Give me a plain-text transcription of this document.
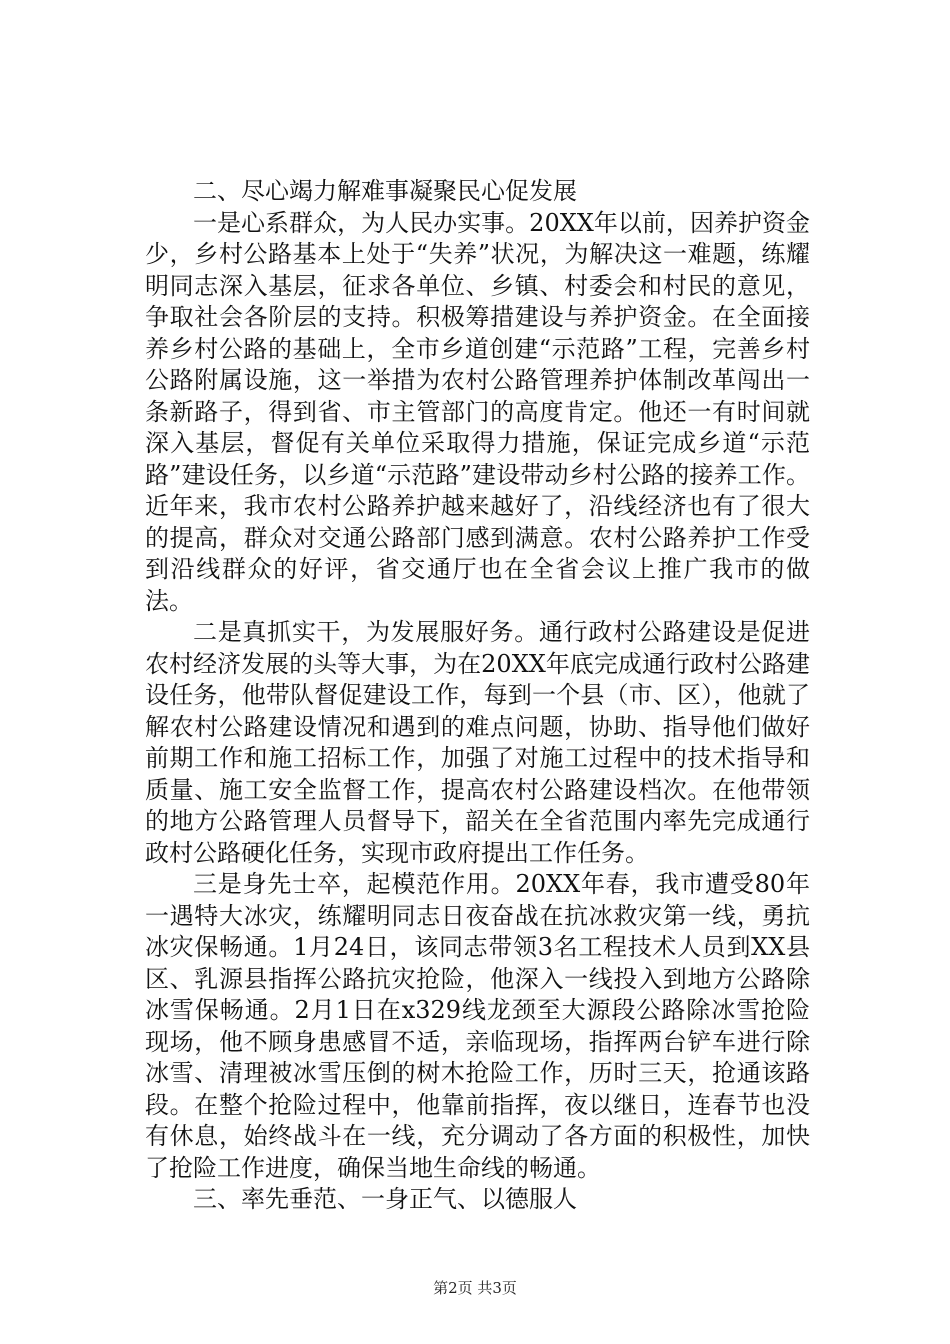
二、尽心竭力解难事凝聚民心促发展

一是心系群众，为人民办实事。20XX年以前，因养护资金少，乡村公路基本上处于“失养”状况，为解决这一难题，练耀明同志深入基层，征求各单位、乡镇、村委会和村民的意见，争取社会各阶层的支持。积极筹措建设与养护资金。在全面接养乡村公路的基础上，全市乡道创建“示范路”工程，完善乡村公路附属设施，这一举措为农村公路管理养护体制改革闯出一条新路子，得到省、市主管部门的高度肯定。他还一有时间就深入基层，督促有关单位采取得力措施，保证完成乡道“示范路”建设任务，以乡道“示范路”建设带动乡村公路的接养工作。近年来，我市农村公路养护越来越好了，沿线经济也有了很大的提高，群众对交通公路部门感到满意。农村公路养护工作受到沿线群众的好评，省交通厅也在全省会议上推广我市的做法。

二是真抓实干，为发展服好务。通行政村公路建设是促进农村经济发展的头等大事，为在20XX年底完成通行政村公路建设任务，他带队督促建设工作，每到一个县（市、区），他就了解农村公路建设情况和遇到的难点问题，协助、指导他们做好前期工作和施工招标工作，加强了对施工过程中的技术指导和质量、施工安全监督工作，提高农村公路建设档次。在他带领的地方公路管理人员督导下，韶关在全省范围内率先完成通行政村公路硬化任务，实现市政府提出工作任务。

三是身先士卒，起模范作用。20XX年春，我市遭受80年一遇特大冰灾，练耀明同志日夜奋战在抗冰救灾第一线，勇抗冰灾保畅通。1月24日，该同志带领3名工程技术人员到XX县区、乳源县指挥公路抗灾抢险，他深入一线投入到地方公路除冰雪保畅通。2月1日在x329线龙颈至大源段公路除冰雪抢险现场，他不顾身患感冒不适，亲临现场，指挥两台铲车进行除冰雪、清理被冰雪压倒的树木抢险工作，历时三天，抢通该路段。在整个抢险过程中，他靠前指挥，夜以继日，连春节也没有休息，始终战斗在一线，充分调动了各方面的积极性，加快了抢险工作进度，确保当地生命线的畅通。

三、率先垂范、一身正气、以德服人

第2页 共3页
